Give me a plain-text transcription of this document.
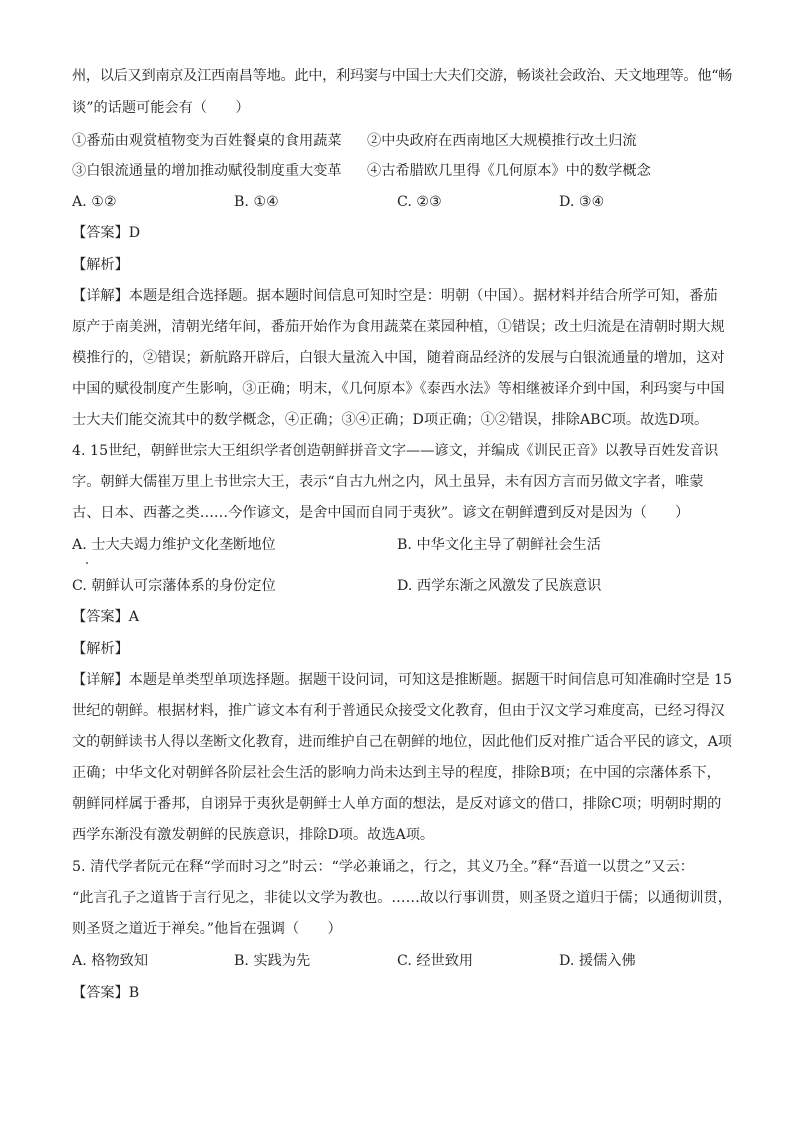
州，以后又到南京及江西南昌等地。此中，利玛窦与中国士大夫们交游，畅谈社会政治、天文地理等。他“畅
谈”的话题可能会有（　　）
①番茄由观赏植物变为百姓餐桌的食用蔬菜 ②中央政府在西南地区大规模推行改土归流
③白银流通量的增加推动赋役制度重大变革 ④古希腊欧几里得《几何原本》中的数学概念
A. ①②	B. ①④	C. ②③	D. ③④
【答案】D
【解析】
【详解】本题是组合选择题。据本题时间信息可知时空是：明朝（中国）。据材料并结合所学可知，番茄
原产于南美洲，清朝光绪年间，番茄开始作为食用蔬菜在菜园种植，①错误；改土归流是在清朝时期大规
模推行的，②错误；新航路开辟后，白银大量流入中国，随着商品经济的发展与白银流通量的增加，这对
中国的赋役制度产生影响，③正确；明末，《几何原本》《泰西水法》等相继被译介到中国，利玛窦与中国
士大夫们能交流其中的数学概念，④正确；③④正确；D项正确；①②错误，排除ABC项。故选D项。
4. 15世纪，朝鲜世宗大王组织学者创造朝鲜拼音文字——谚文，并编成《训民正音》以教导百姓发音识
字。朝鲜大儒崔万里上书世宗大王，表示“自古九州之内，风土虽异，未有因方言而另做文字者，唯蒙
古、日本、西蕃之类……今作谚文，是舍中国而自同于夷狄”。谚文在朝鲜遭到反对是因为（　　）
A. 士大夫竭力维护文化垄断地位	B. 中华文化主导了朝鲜社会生活
C. 朝鲜认可宗藩体系的身份定位	D. 西学东渐之风激发了民族意识
【答案】A
【解析】
【详解】本题是单类型单项选择题。据题干设问词，可知这是推断题。据题干时间信息可知准确时空是 15
世纪的朝鲜。根据材料，推广谚文本有利于普通民众接受文化教育，但由于汉文学习难度高，已经习得汉
文的朝鲜读书人得以垄断文化教育，进而维护自己在朝鲜的地位，因此他们反对推广适合平民的谚文，A项
正确；中华文化对朝鲜各阶层社会生活的影响力尚未达到主导的程度，排除B项；在中国的宗藩体系下，
朝鲜同样属于番邦，自诩异于夷狄是朝鲜士人单方面的想法，是反对谚文的借口，排除C项；明朝时期的
西学东渐没有激发朝鲜的民族意识，排除D项。故选A项。
5. 清代学者阮元在释“学而时习之”时云：“学必兼诵之，行之，其义乃全。”释“吾道一以贯之”又云：
“此言孔子之道皆于言行见之，非徒以文学为教也。……故以行事训贯，则圣贤之道归于儒；以通彻训贯，
则圣贤之道近于禅矣。”他旨在强调（　　）
A. 格物致知	B. 实践为先	C. 经世致用	D. 援儒入佛
【答案】B
